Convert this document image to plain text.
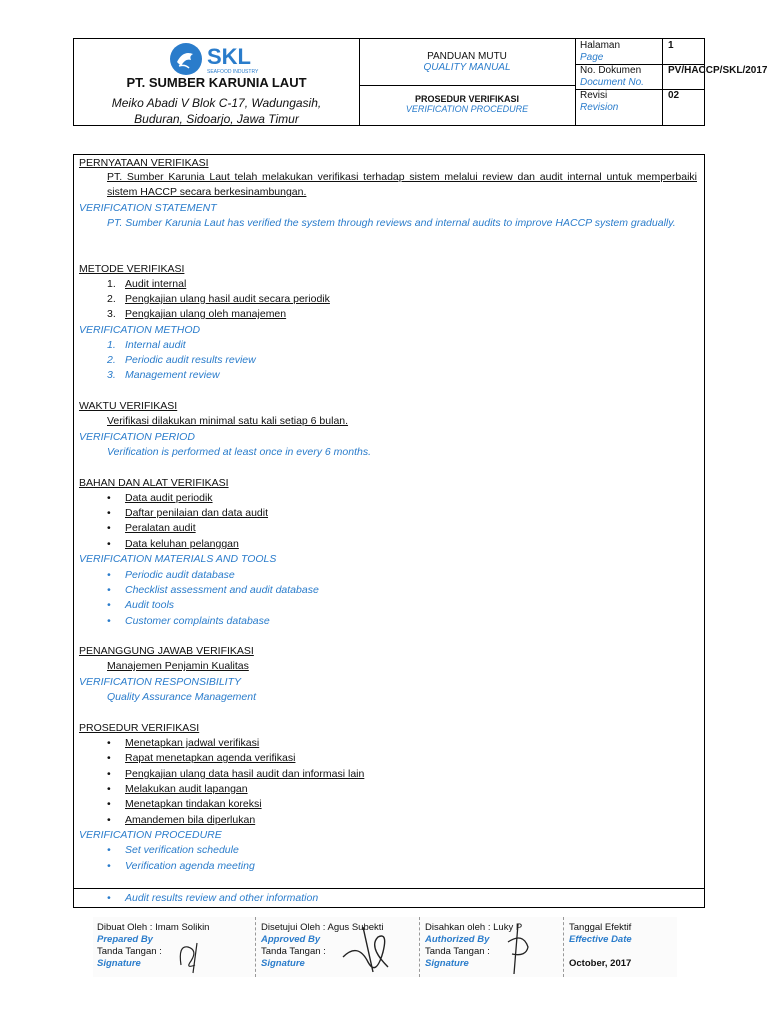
SKL
SEAFOOD INDUSTRY
PT. SUMBER KARUNIA LAUT
Meiko Abadi V Blok C-17, Wadungasih,
Buduran, Sidoarjo, Jawa Timur
PANDUAN MUTU
QUALITY MANUAL
PROSEDUR VERIFIKASI
VERIFICATION PROCEDURE
Halaman
Page
1
No. Dokumen
Document No.
PV/HACCP/SKL/2017
Revisi
Revision
02
PERNYATAAN VERIFIKASI
PT. Sumber Karunia Laut telah melakukan verifikasi terhadap sistem melalui review dan audit internal untuk memperbaiki sistem HACCP secara berkesinambungan.
VERIFICATION STATEMENT
PT. Sumber Karunia Laut has verified the system through reviews and internal audits to improve HACCP system gradually.
METODE VERIFIKASI
1. Audit internal
2. Pengkajian ulang hasil audit secara periodik
3. Pengkajian ulang oleh manajemen
VERIFICATION METHOD
1. Internal audit
2. Periodic audit results review
3. Management review
WAKTU VERIFIKASI
Verifikasi dilakukan minimal satu kali setiap 6 bulan.
VERIFICATION PERIOD
Verification is performed at least once in every 6 months.
BAHAN DAN ALAT VERIFIKASI
• Data audit periodik
• Daftar penilaian dan data audit
• Peralatan audit
• Data keluhan pelanggan
VERIFICATION MATERIALS AND TOOLS
• Periodic audit database
• Checklist assessment and audit database
• Audit tools
• Customer complaints database
PENANGGUNG JAWAB VERIFIKASI
Manajemen Penjamin Kualitas
VERIFICATION RESPONSIBILITY
Quality Assurance Management
PROSEDUR VERIFIKASI
• Menetapkan jadwal verifikasi
• Rapat menetapkan agenda verifikasi
• Pengkajian ulang data hasil audit dan informasi lain
• Melakukan audit lapangan
• Menetapkan tindakan koreksi
• Amandemen bila diperlukan
VERIFICATION PROCEDURE
• Set verification schedule
• Verification agenda meeting
• Audit results review and other information
Dibuat Oleh : Imam Solikin
Prepared By
Tanda Tangan :
Signature
Disetujui Oleh : Agus Subekti
Approved By
Tanda Tangan :
Signature
Disahkan oleh : Luky P
Authorized By
Tanda Tangan :
Signature
Tanggal Efektif
Effective Date
October, 2017
